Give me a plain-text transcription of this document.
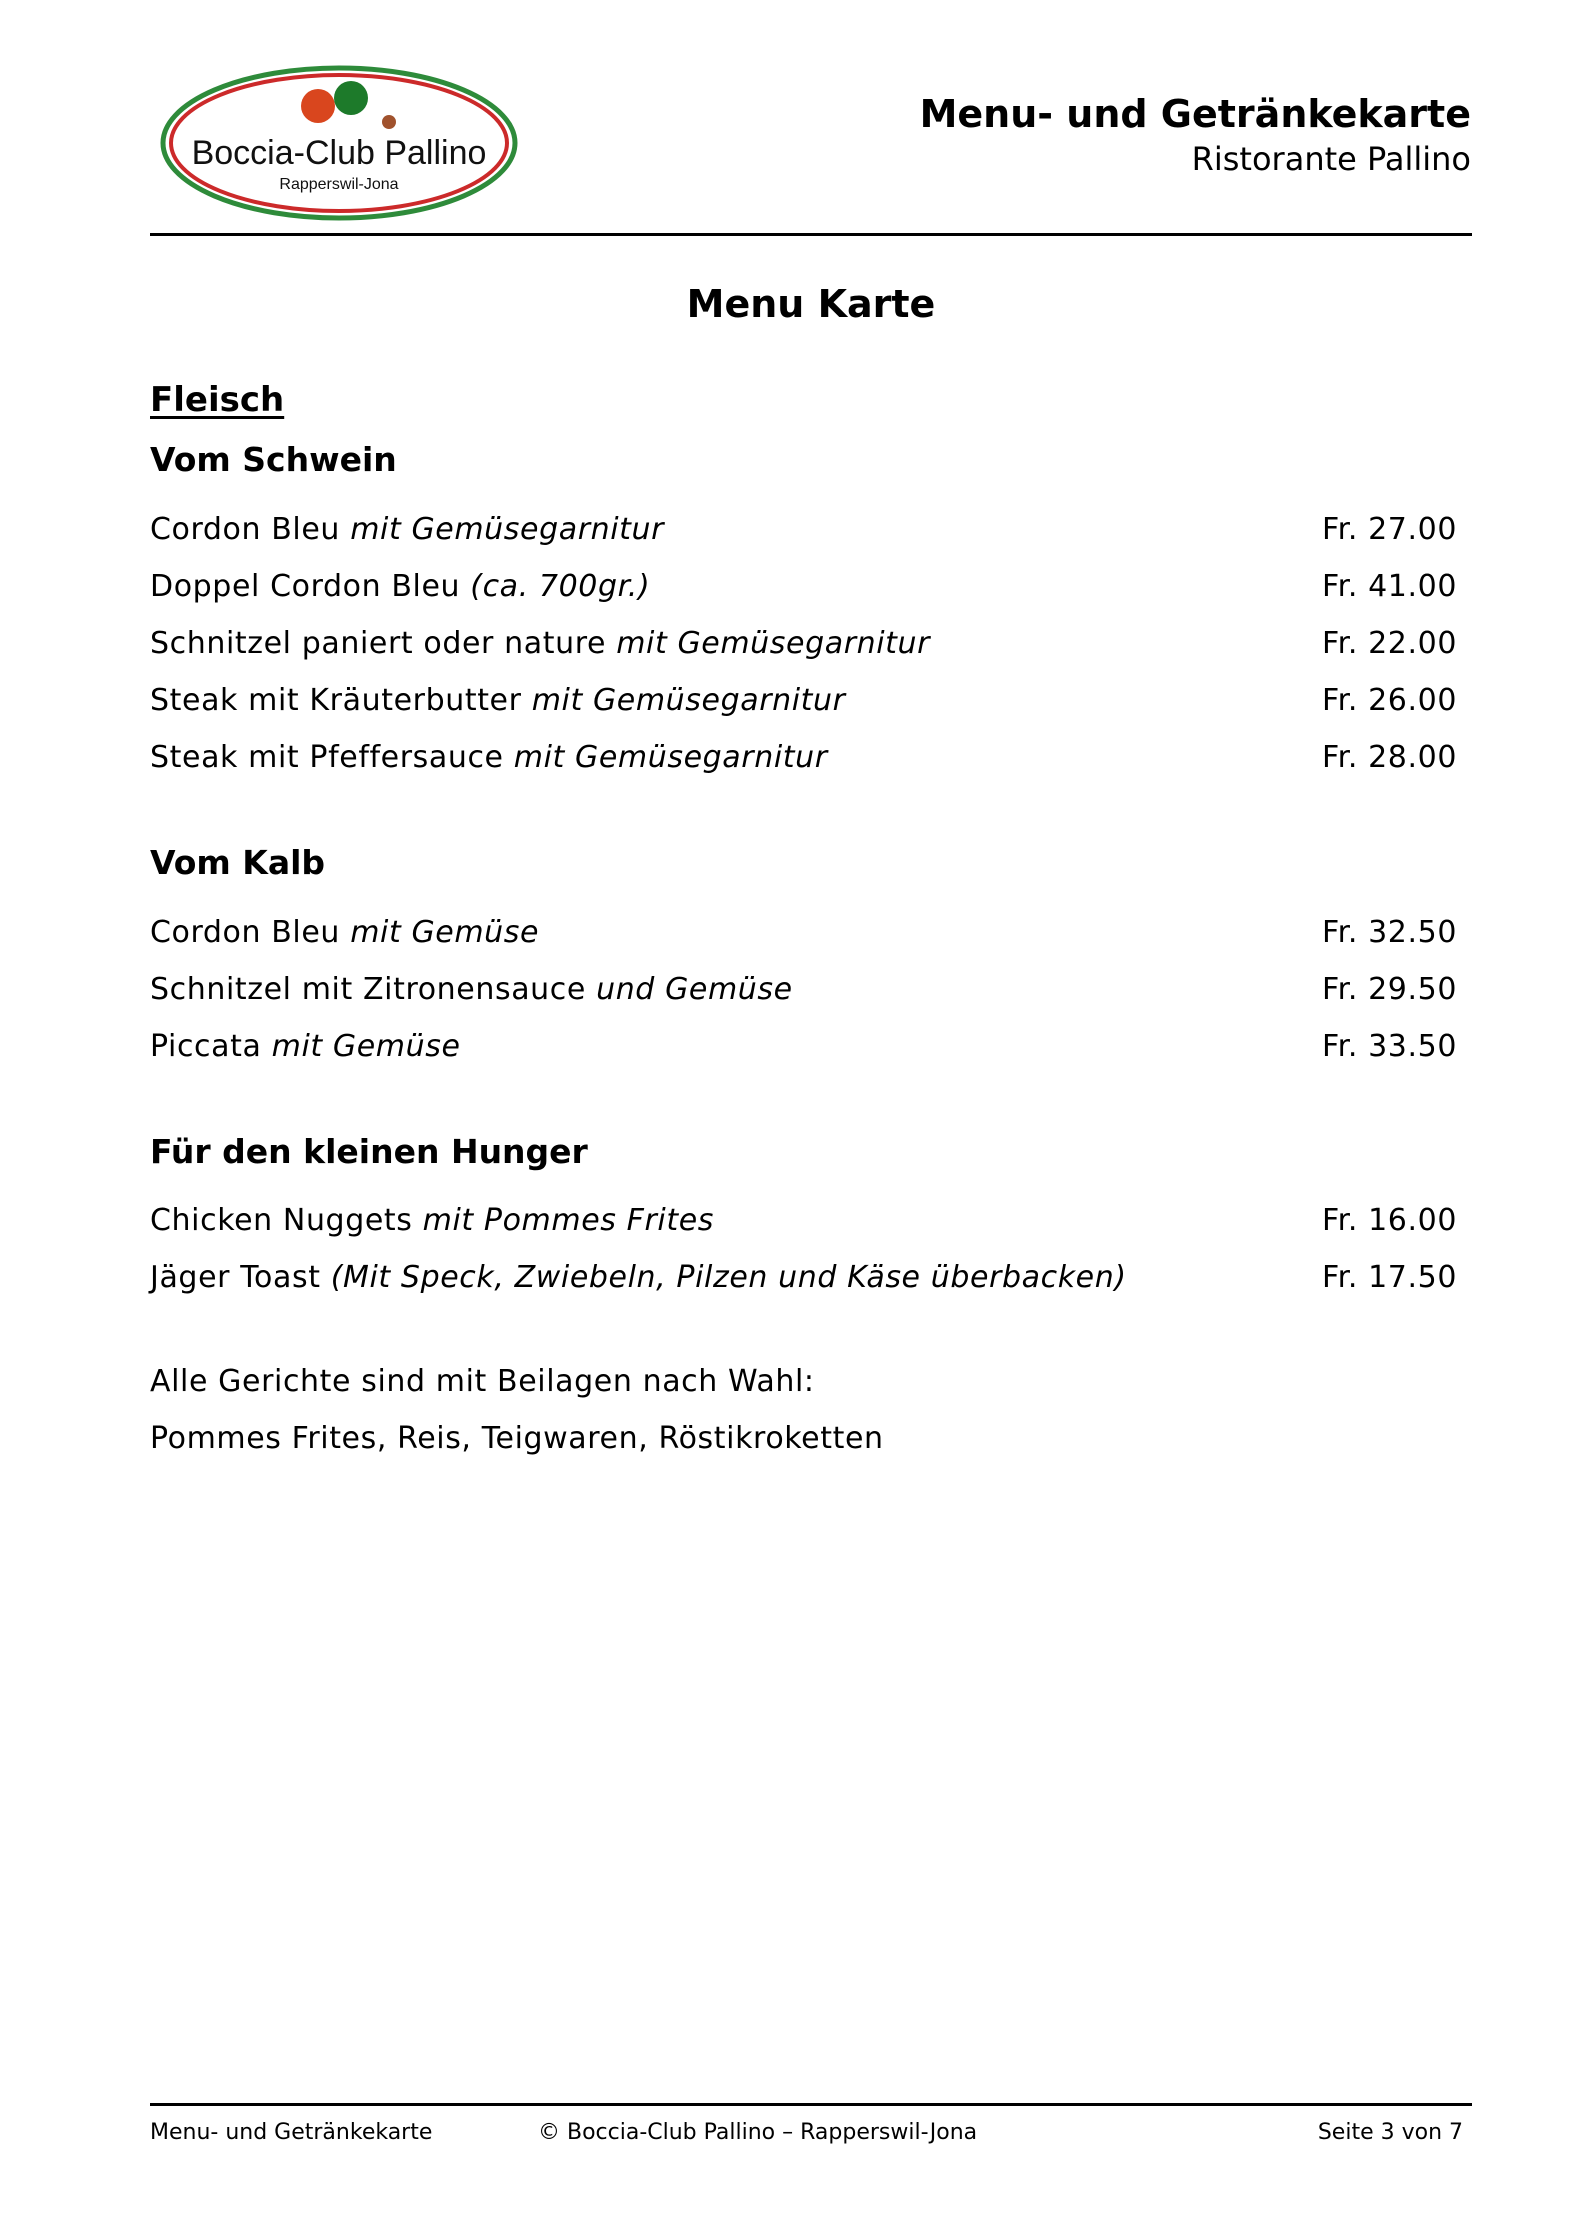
Boccia-Club Pallino
Rapperswil-Jona
Menu- und Getränkekarte
Ristorante Pallino
Menu Karte
Fleisch
Vom Schwein
Cordon Bleu mit Gemüsegarnitur	Fr. 27.00
Doppel Cordon Bleu (ca. 700gr.)	Fr. 41.00
Schnitzel paniert oder nature mit Gemüsegarnitur	Fr. 22.00
Steak mit Kräuterbutter mit Gemüsegarnitur	Fr. 26.00
Steak mit Pfeffersauce mit Gemüsegarnitur	Fr. 28.00
Vom Kalb
Cordon Bleu mit Gemüse	Fr. 32.50
Schnitzel mit Zitronensauce und Gemüse	Fr. 29.50
Piccata mit Gemüse	Fr. 33.50
Für den kleinen Hunger
Chicken Nuggets mit Pommes Frites	Fr. 16.00
Jäger Toast (Mit Speck, Zwiebeln, Pilzen und Käse überbacken)	Fr. 17.50
Alle Gerichte sind mit Beilagen nach Wahl:
Pommes Frites, Reis, Teigwaren, Röstikroketten
Menu- und Getränkekarte	© Boccia-Club Pallino – Rapperswil-Jona	Seite 3 von 7
